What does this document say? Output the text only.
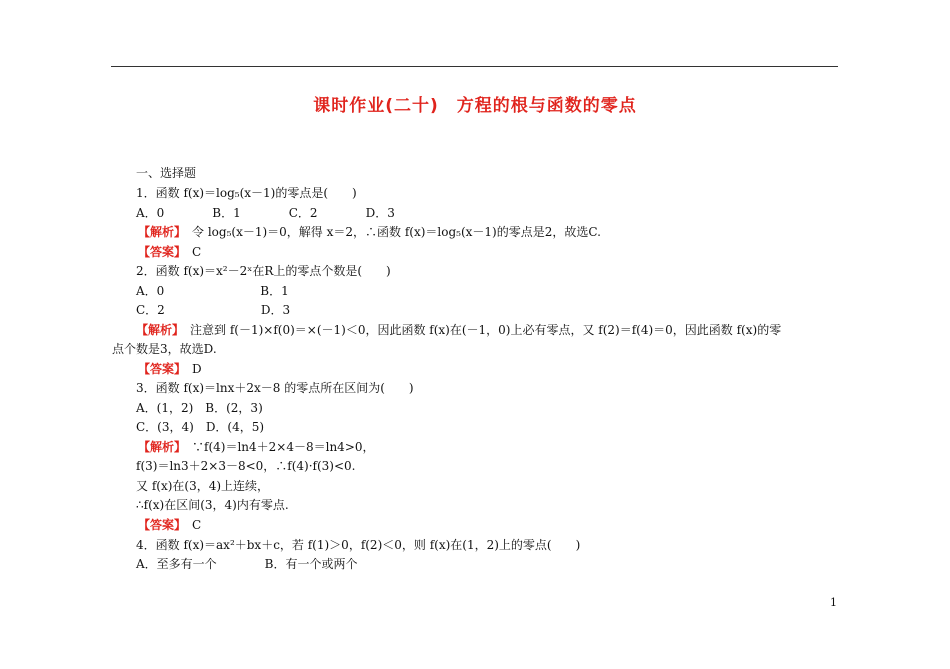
课时作业(二十)　方程的根与函数的零点
一、选择题
1．函数 f(x)＝log₅(x－1)的零点是(　　)
A．0　　　　B．1　　　　C．2　　　　D．3
【解析】　令 log₅(x－1)＝0，解得 x＝2，∴函数 f(x)＝log₅(x－1)的零点是2，故选C.
【答案】　C
2．函数 f(x)＝x²－2ˣ在R上的零点个数是(　　)
A．0　　　　　　　　B．1
C．2　　　　　　　　D．3
【解析】　注意到 f(－1)×f(0)＝×(－1)＜0，因此函数 f(x)在(－1，0)上必有零点，又 f(2)＝f(4)＝0，因此函数 f(x)的零
点个数是3，故选D.
【答案】　D
3．函数 f(x)＝lnx＋2x－8 的零点所在区间为(　　)
A．(1，2)　B．(2，3)
C．(3，4)　D．(4，5)
【解析】　∵f(4)＝ln4＋2×4－8＝ln4>0，
f(3)＝ln3＋2×3－8<0，∴f(4)·f(3)<0.
又 f(x)在(3，4)上连续，
∴f(x)在区间(3，4)内有零点.
【答案】　C
4．函数 f(x)＝ax²＋bx＋c，若 f(1)＞0，f(2)＜0，则 f(x)在(1，2)上的零点(　　)
A．至多有一个　　　　B．有一个或两个
1
